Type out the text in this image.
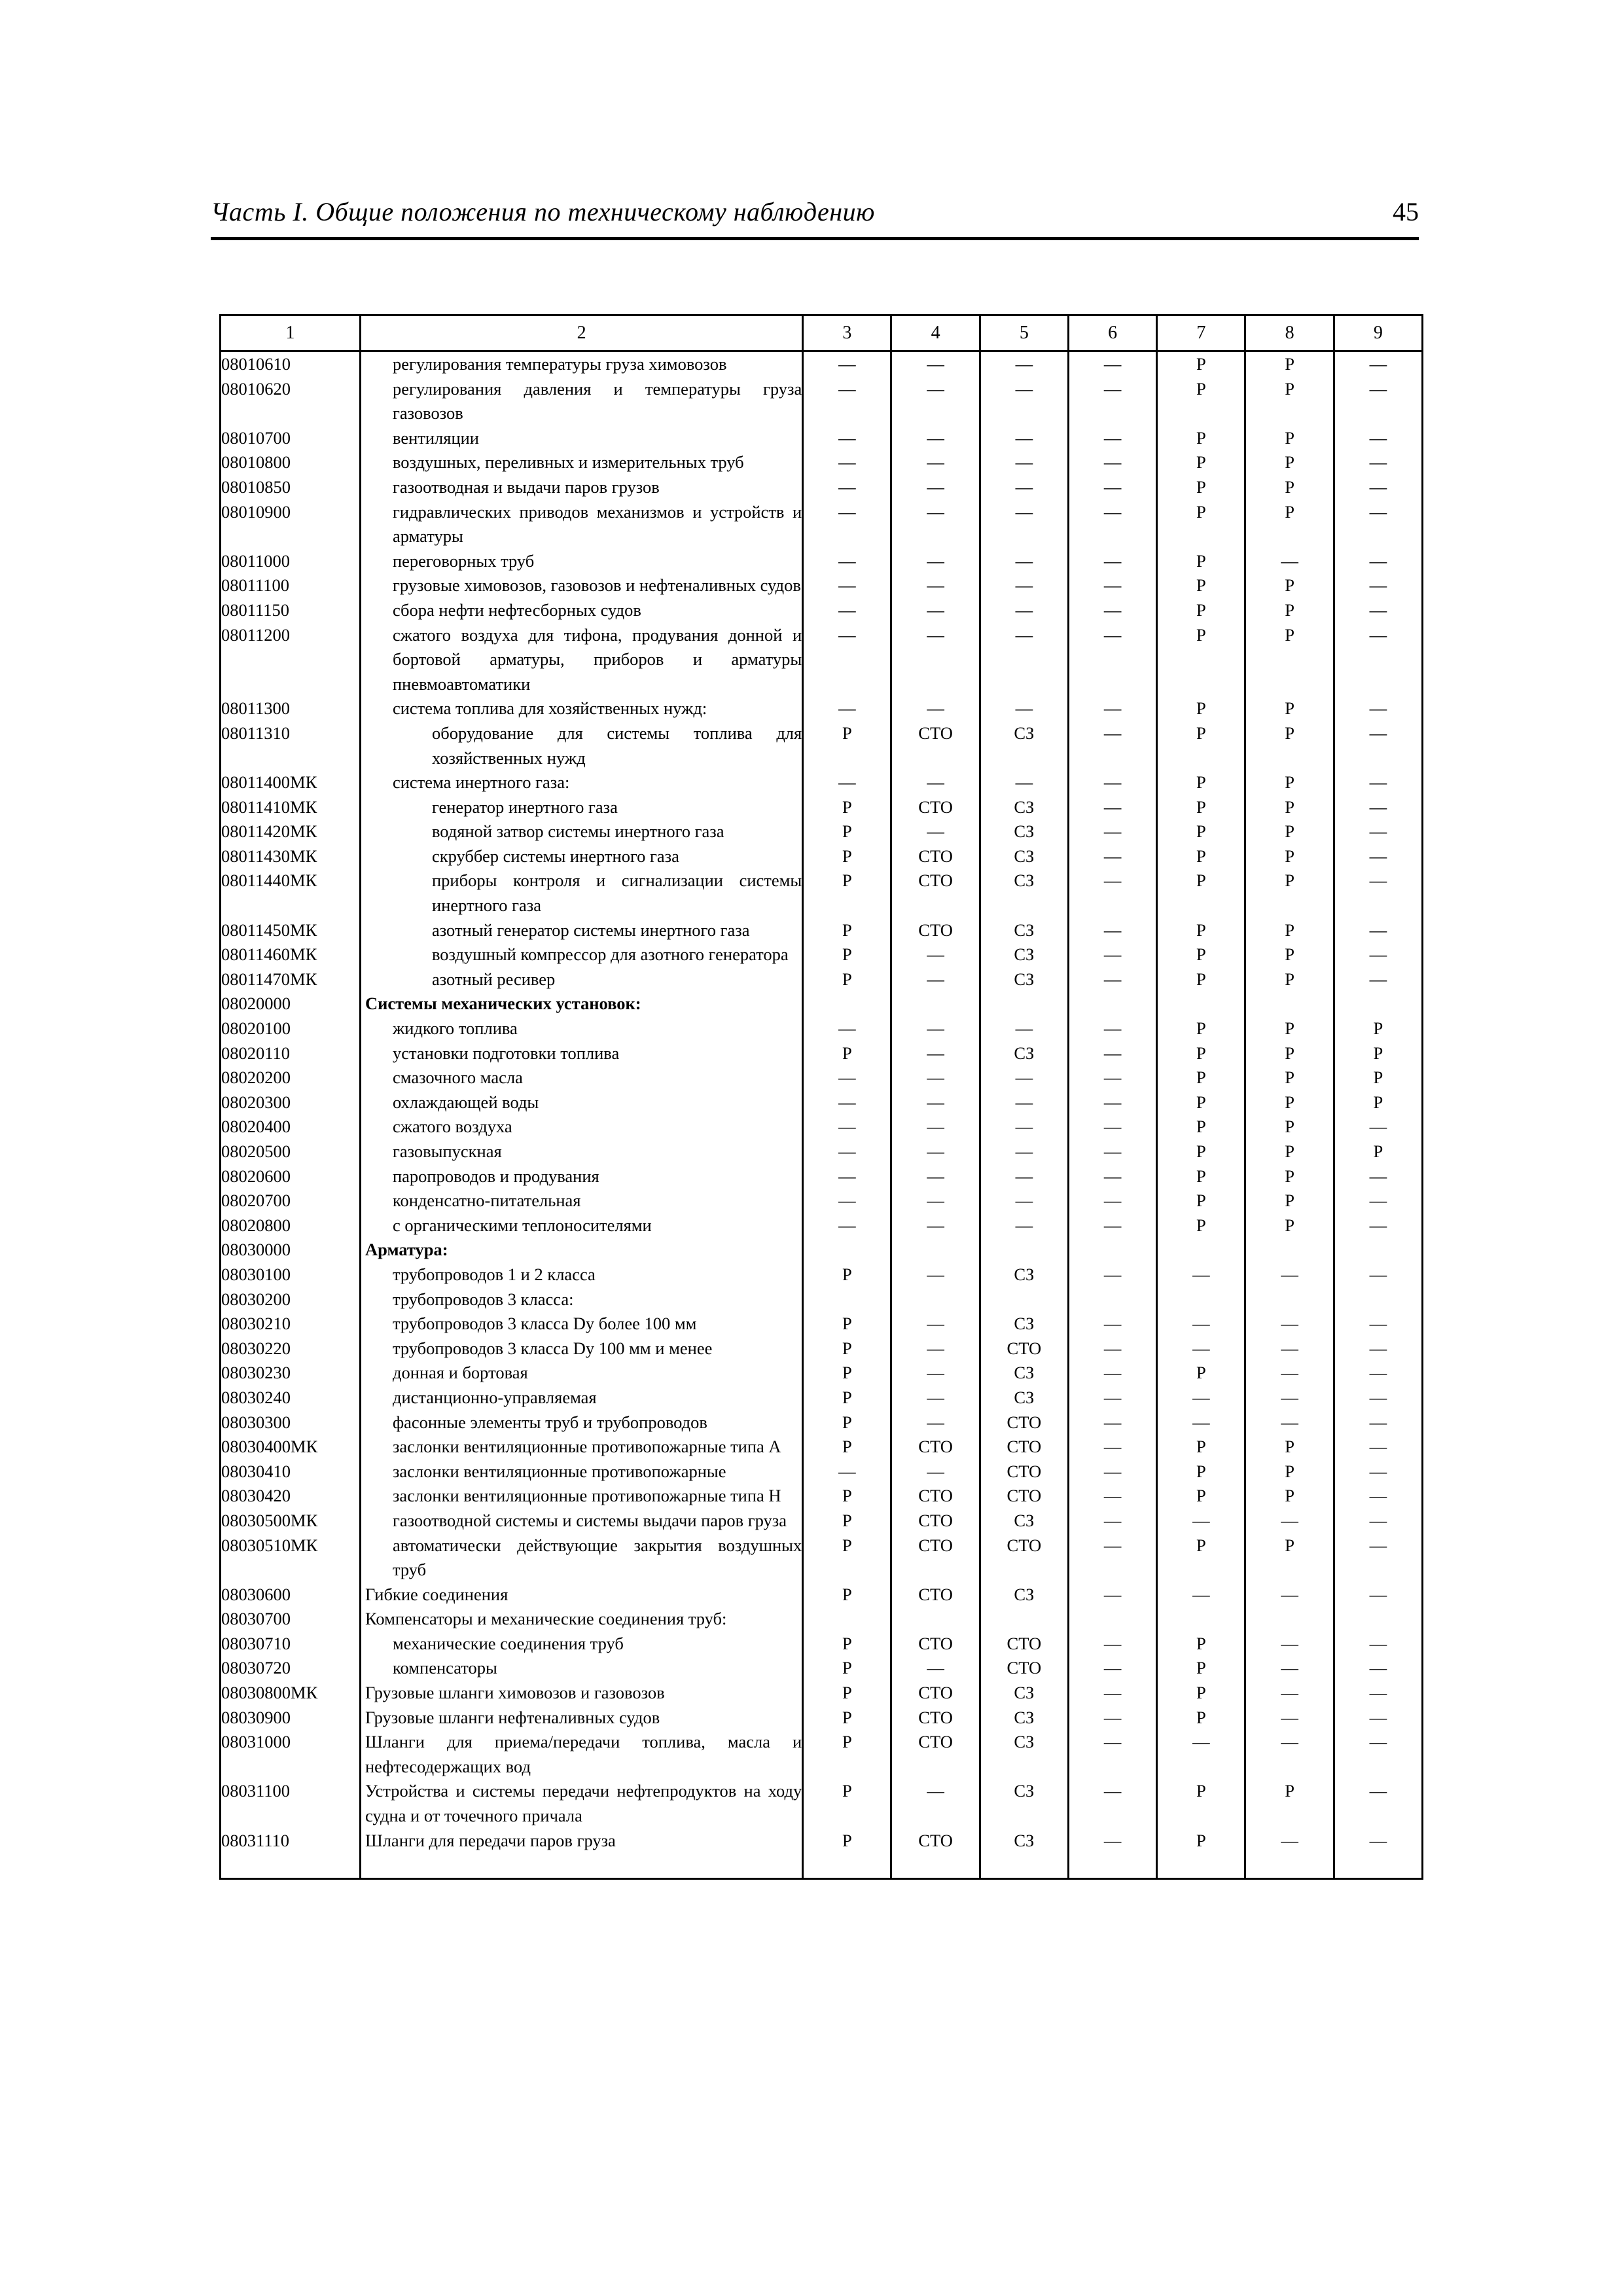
Часть I. Общие положения по техническому наблюдению	45
1	2	3	4	5	6	7	8	9
08010610	регулирования температуры груза химовозов	—	—	—	—	Р	Р	—
08010620	регулирования давления и температуры груза газовозов	—	—	—	—	Р	Р	—
08010700	вентиляции	—	—	—	—	Р	Р	—
08010800	воздушных, переливных и измерительных труб	—	—	—	—	Р	Р	—
08010850	газоотводная и выдачи паров грузов	—	—	—	—	Р	Р	—
08010900	гидравлических приводов механизмов и устройств и арматуры	—	—	—	—	Р	Р	—
08011000	переговорных труб	—	—	—	—	Р	—	—
08011100	грузовые химовозов, газовозов и нефтеналивных судов	—	—	—	—	Р	Р	—
08011150	сбора нефти нефтесборных судов	—	—	—	—	Р	Р	—
08011200	сжатого воздуха для тифона, продувания донной и бортовой арматуры, приборов и арматуры пневмоавтоматики	—	—	—	—	Р	Р	—
08011300	система топлива для хозяйственных нужд:	—	—	—	—	Р	Р	—
08011310	оборудование для системы топлива для хозяйственных нужд	Р	СТО	СЗ	—	Р	Р	—
08011400МК	система инертного газа:	—	—	—	—	Р	Р	—
08011410МК	генератор инертного газа	Р	СТО	СЗ	—	Р	Р	—
08011420МК	водяной затвор системы инертного газа	Р	—	СЗ	—	Р	Р	—
08011430МК	скруббер системы инертного газа	Р	СТО	СЗ	—	Р	Р	—
08011440МК	приборы контроля и сигнализации системы инертного газа	Р	СТО	СЗ	—	Р	Р	—
08011450МК	азотный генератор системы инертного газа	Р	СТО	СЗ	—	Р	Р	—
08011460МК	воздушный компрессор для азотного генератора	Р	—	СЗ	—	Р	Р	—
08011470МК	азотный ресивер	Р	—	СЗ	—	Р	Р	—
08020000	Системы механических установок:							

08020100	жидкого топлива	—	—	—	—	Р	Р	Р
08020110	установки подготовки топлива	Р	—	СЗ	—	Р	Р	Р
08020200	смазочного масла	—	—	—	—	Р	Р	Р
08020300	охлаждающей воды	—	—	—	—	Р	Р	Р
08020400	сжатого воздуха	—	—	—	—	Р	Р	—
08020500	газовыпускная	—	—	—	—	Р	Р	Р
08020600	паропроводов и продувания	—	—	—	—	Р	Р	—
08020700	конденсатно-питательная	—	—	—	—	Р	Р	—
08020800	с органическими теплоносителями	—	—	—	—	Р	Р	—
08030000	Арматура:							

08030100	трубопроводов 1 и 2 класса	Р	—	СЗ	—	—	—	—
08030200	трубопроводов 3 класса:							

08030210	трубопроводов 3 класса Dy более 100 мм	Р	—	СЗ	—	—	—	—
08030220	трубопроводов 3 класса Dy 100 мм и менее	Р	—	СТО	—	—	—	—
08030230	донная и бортовая	Р	—	СЗ	—	Р	—	—
08030240	дистанционно-управляемая	Р	—	СЗ	—	—	—	—
08030300	фасонные элементы труб и трубопроводов	Р	—	СТО	—	—	—	—
08030400МК	заслонки вентиляционные противопожарные типа А	Р	СТО	СТО	—	Р	Р	—
08030410	заслонки вентиляционные противопожарные	—	—	СТО	—	Р	Р	—
08030420	заслонки вентиляционные противопожарные типа Н	Р	СТО	СТО	—	Р	Р	—
08030500МК	газоотводной системы и системы выдачи паров груза	Р	СТО	СЗ	—	—	—	—
08030510МК	автоматически действующие закрытия воздушных труб	Р	СТО	СТО	—	Р	Р	—
08030600	Гибкие соединения	Р	СТО	СЗ	—	—	—	—
08030700	Компенсаторы и механические соединения труб:							

08030710	механические соединения труб	Р	СТО	СТО	—	Р	—	—
08030720	компенсаторы	Р	—	СТО	—	Р	—	—
08030800МК	Грузовые шланги химовозов и газовозов	Р	СТО	СЗ	—	Р	—	—
08030900	Грузовые шланги нефтеналивных судов	Р	СТО	СЗ	—	Р	—	—
08031000	Шланги для приема/передачи топлива, масла и нефтесодержащих вод	Р	СТО	СЗ	—	—	—	—
08031100	Устройства и системы передачи нефтепродуктов на ходу судна и от точечного причала	Р	—	СЗ	—	Р	Р	—
08031110	Шланги для передачи паров груза	Р	СТО	СЗ	—	Р	—	—
